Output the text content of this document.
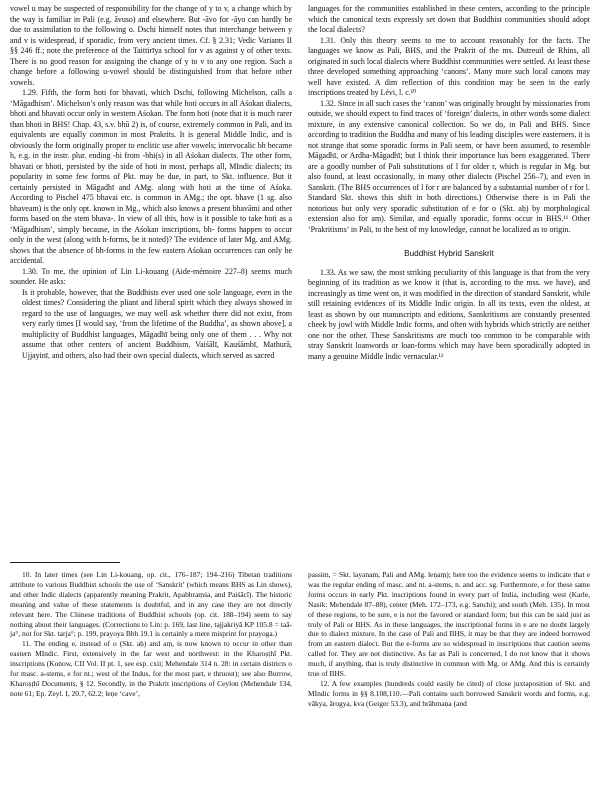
vowel u may be suspected of responsibility for the change of y to v, a change which by the way is familiar in Pali (e.g. āvuso) and elsewhere. But -āvo for -āyo can hardly be due to assimilation to the following o. Dschi himself notes that interchange between y and v is widespread, if sporadic, from very ancient times. Cf. § 2.31; Vedic Variants II §§ 246 ff.; note the preference of the Taittirīya school for v as against y of other texts. There is no good reason for assigning the change of y to v to any one region. Such a change before a following u-vowel should be distinguished from that before other vowels.

1.29. Fifth, the form hoti for bhavati, which Dschi, following Michelson, calls a ‘Māgadhism’. Michelson’s only reason was that while hoti occurs in all Aśokan dialects, bhoti and bhavati occur only in western Aśokan. The form hoti (note that it is much rarer than bhoti in BHS! Chap. 43, s.v. bhū 2) is, of course, extremely common in Pali, and its equivalents are equally common in most Prakrits. It is general Middle Indic, and is obviously the form originally proper to enclitic use after vowels; intervocalic bh became h, e.g. in the instr. plur. ending -hi from -bhi(s) in all Aśokan dialects. The other form, bhavati or bhoti, persisted by the side of hoti in most, perhaps all, MIndic dialects; its popularity in some few forms of Pkt. may be due, in part, to Skt. influence. But it certainly persisted in Māgadhī and AMg. along with hoti at the time of Aśoka. According to Pischel 475 bhavai etc. is common in AMg.; the opt. bhave (1 sg. also bhaveam) is the only opt. known in Mg., which also knows a present bhavāmi and other forms based on the stem bhava-. In view of all this, how is it possible to take hoti as a ‘Māgadhism’, simply because, in the Aśokan inscriptions, bh- forms happen to occur only in the west (along with h-forms, be it noted)? The evidence of later Mg. and AMg. shows that the absence of bh-forms in the few eastern Aśokan occurrences can only be accidental.

1.30. To me, the opinion of Lin Li-kouang (Aide-mémoire 227–8) seems much sounder. He asks:

Is it probable, however, that the Buddhists ever used one sole language, even in the oldest times? Considering the pliant and liberal spirit which they always showed in regard to the use of languages, we may well ask whether there did not exist, from very early times [I would say, ‘from the lifetime of the Buddha’, as shown above], a multiplicity of Buddhist languages, Māgadhī being only one of them . . . Why not assume that other centers of ancient Buddhism, Vaiśālī, Kauśāmbī, Mathurā, Ujjayinī, and others, also had their own special dialects, which served as sacred

languages for the communities established in these centers, according to the principle which the canonical texts expressly set down that Buddhist communities should adopt the local dialects?

1.31. Only this theory seems to me to account reasonably for the facts. The languages we know as Pali, BHS, and the Prakrit of the ms. Dutreuil de Rhins, all originated in such local dialects where Buddhist communities were settled. At least these three developed something approaching ‘canons’. Many more such local canons may well have existed. A dim reflection of this condition may be seen in the early inscriptions treated by Lévi, l. c.¹⁰

1.32. Since in all such cases the ‘canon’ was originally brought by missionaries from outside, we should expect to find traces of ‘foreign’ dialects, in other words some dialect mixture, in any extensive canonical collection. So we do, in Pali and BHS. Since according to tradition the Buddha and many of his leading disciples were easterners, it is not strange that some sporadic forms in Pali seem, or have been assumed, to resemble Māgadhī, or Ardha-Māgadhī; but I think their importance has been exaggerated. There are a goodly number of Pali substitutions of l for older r, which is regular in Mg. but also found, at least occasionally, in many other dialects (Pischel 256–7), and even in Sanskrit. (The BHS occurrences of l for r are balanced by a substantial number of r for l. Standard Skt. shows this shift in both directions.) Otherwise there is in Pali the notorious but only very sporadic substitution of e for o (Skt. aḥ) by morphological extension also for aṃ). Similar, and equally sporadic, forms occur in BHS.¹¹ Other ‘Prakritisms’ in Pali, to the best of my knowledge, cannot be localized as to origin.

Buddhist Hybrid Sanskrit

1.33. As we saw, the most striking peculiarity of this language is that from the very beginning of its tradition as we know it (that is, according to the mss. we have), and increasingly as time went on, it was modified in the direction of standard Sanskrit, while still retaining evidences of its Middle Indic origin. In all its texts, even the oldest, at least as shown by our manuscripts and editions, Sanskritisms are constantly presented cheek by jowl with Middle Indic forms, and often with hybrids which strictly are neither one nor the other. These Sanskritisms are much too common to be comparable with stray Sanskrit loanwords or loan-forms which may have been sporadically adopted in many a genuine Middle Indic vernacular.¹²

10. In later times (see Lin Li-kouang, op. cit., 176–187; 194–216) Tibetan traditions attribute to various Buddhist schools the use of ‘Sanskrit’ (which means BHS as Lin shows), and other Indic dialects (apparently meaning Prakrit, Apabhraṃśa, and Paiśācī). The historic meaning and value of these statements is doubtful, and in any case they are not directly relevant here. The Chinese traditions of Buddhist schools (op. cit. 188–194) seem to say nothing about their languages. (Corrections to Lin: p. 169, last line, tajjakriyā KP 105.8 = taā-ja°, not for Skt. tarja°; p. 199, prayoya Bbh 19.1 is certainly a mere misprint for prayoga.)

11. The ending e, instead of o (Skt. aḥ) and aṃ, is now known to occur in other than eastern MIndic. First, extensively in the far west and northwest: in the Kharoṣṭhī Pkt. inscriptions (Konow, CII Vol. II pt. 1, see esp. cxii; Mehendale 314 n. 28: in certain districts o for masc. a-stems, e for nt.; west of the Indus, for the most part, e thruout); see also Burrow, Kharoṣṭhī Documents, § 12. Secondly, in the Prakrit inscriptions of Ceylon (Mehendale 134, note 61; Ep. Zeyl. I, 20.7, 62.2; leṇe ‘cave’,

passim, = Skt. layanam, Pali and AMg. leṇaṃ); here too the evidence seems to indicate that e was the regular ending of masc. and nt. a-stems, n. and acc. sg. Furthermore, e for these same forms occurs in early Pkt. inscriptions found in every part of India, including west (Karle, Nasik: Mehendale 87–88), center (Meh. 172–173, e.g. Sanchi); and south (Meh. 135). In most of these regions, to be sure, e is not the favored or standard form; but this can be said just as truly of Pali or BHS. As in these languages, the inscriptional forms in e are no doubt largely due to dialect mixture. In the case of Pali and BHS, it may be that they are indeed borrowed from an eastern dialect. But the e-forms are so widespread in inscriptions that caution seems called for. They are not distinctive. As far as Pali is concerned, I do not know that it shows much, if anything, that is truly distinctive in common with Mg. or AMg. And this is certainly true of BHS.

12. A few examples (hundreds could easily be cited) of close juxtaposition of Skt. and MIndic forms in §§ 8.108,110.—Pali contains such borrowed Sanskrit words and forms, e.g. vākya, ārogya, kva (Geiger 53.3), and brāhmaṇa (and
